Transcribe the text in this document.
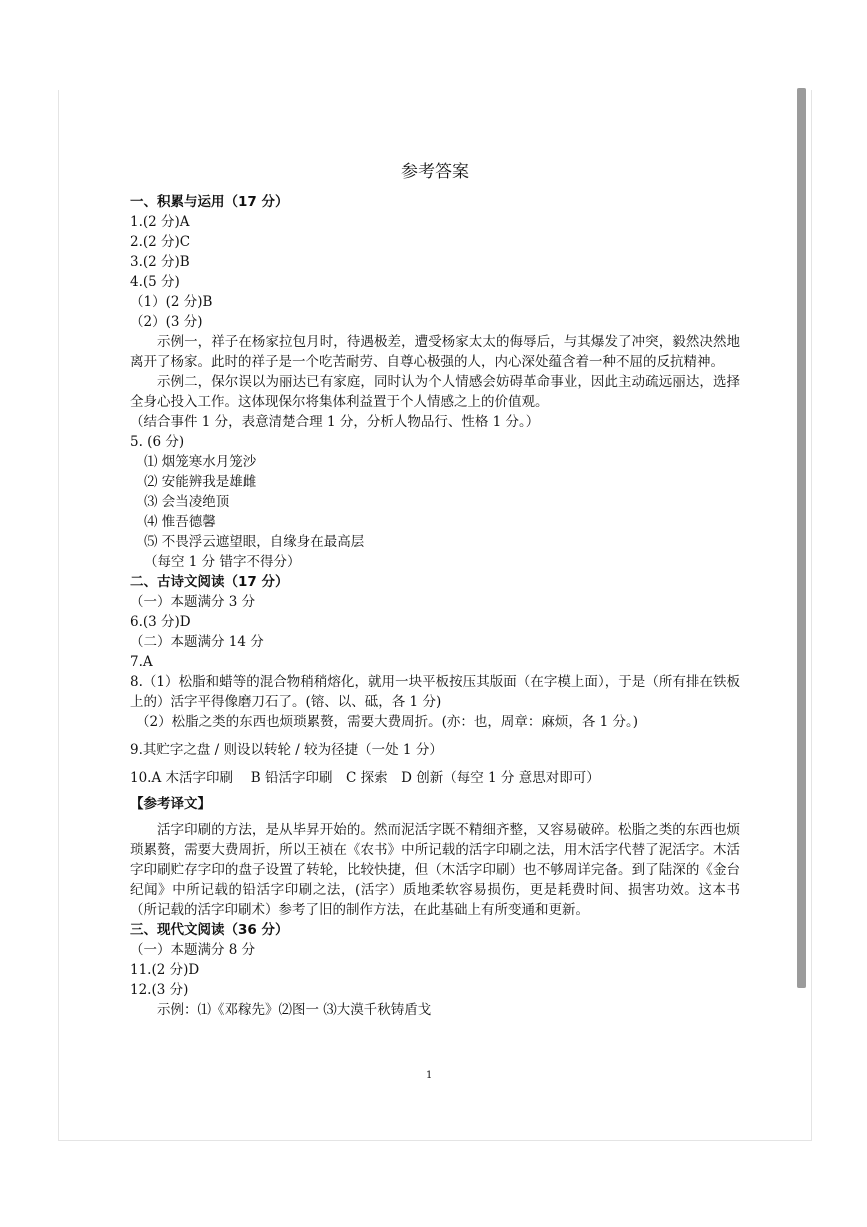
参考答案
一、积累与运用（17 分）
1.(2 分)A
2.(2 分)C
3.(2 分)B
4.(5 分)
（1）(2 分)B
（2）(3 分)
示例一，祥子在杨家拉包月时，待遇极差，遭受杨家太太的侮辱后，与其爆发了冲突，毅然决然地离开了杨家。此时的祥子是一个吃苦耐劳、自尊心极强的人，内心深处蕴含着一种不屈的反抗精神。
示例二，保尔误以为丽达已有家庭，同时认为个人情感会妨碍革命事业，因此主动疏远丽达，选择全身心投入工作。这体现保尔将集体利益置于个人情感之上的价值观。
（结合事件 1 分，表意清楚合理 1 分，分析人物品行、性格 1 分。）
5. (6 分)
⑴ 烟笼寒水月笼沙
⑵ 安能辨我是雄雌
⑶ 会当凌绝顶
⑷ 惟吾德馨
⑸ 不畏浮云遮望眼，自缘身在最高层
（每空 1 分 错字不得分）
二、古诗文阅读（17 分）
（一）本题满分 3 分
6.(3 分)D
（二）本题满分 14 分
7.A
8.（1）松脂和蜡等的混合物稍稍熔化，就用一块平板按压其版面（在字模上面），于是（所有排在铁板上的）活字平得像磨刀石了。(镕、以、砥，各 1 分)
（2）松脂之类的东西也烦琐累赘，需要大费周折。(亦：也，周章：麻烦，各 1 分。)
9.其贮字之盘 / 则设以转轮 / 较为径捷（一处 1 分）
10.A 木活字印刷　 B 铅活字印刷　C 探索　D 创新（每空 1 分 意思对即可）
【参考译文】
活字印刷的方法，是从毕昇开始的。然而泥活字既不精细齐整，又容易破碎。松脂之类的东西也烦琐累赘，需要大费周折，所以王祯在《农书》中所记载的活字印刷之法，用木活字代替了泥活字。木活字印刷贮存字印的盘子设置了转轮，比较快捷，但（木活字印刷）也不够周详完备。到了陆深的《金台纪闻》中所记载的铅活字印刷之法，(活字）质地柔软容易损伤，更是耗费时间、损害功效。这本书（所记载的活字印刷术）参考了旧的制作方法，在此基础上有所变通和更新。
三、现代文阅读（36 分）
（一）本题满分 8 分
11.(2 分)D
12.(3 分)
示例：⑴《邓稼先》⑵图一 ⑶大漠千秋铸盾戈
1
